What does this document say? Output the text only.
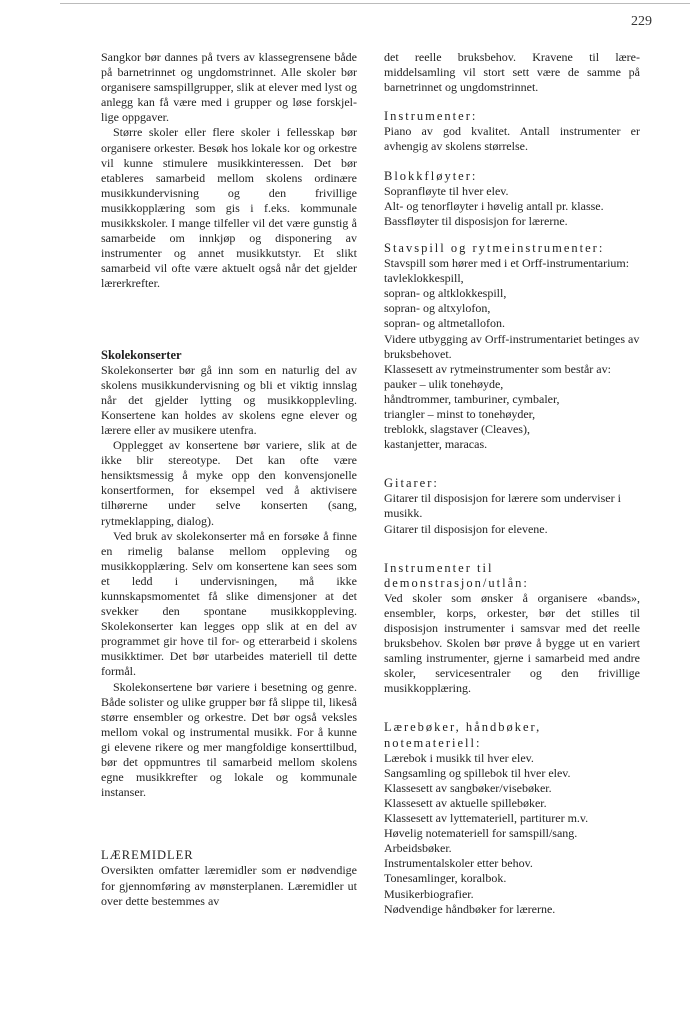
229

Sangkor bør dannes på tvers av klassegrensene både på barnetrinnet og ungdomstrinnet. Alle skoler bør organisere samspillgrupper, slik at elever med lyst og anlegg kan få være med i grupper og løse forskjellige oppgaver.

Større skoler eller flere skoler i fellesskap bør organisere orkester. Besøk hos lokale kor og orkestre vil kunne stimulere musikkinteressen. Det bør etableres samarbeid mellom skolens ordinære musikkundervisning og den frivillige musikkopplæring som gis i f.eks. kommunale musikkskoler. I mange tilfeller vil det være gunstig å samarbeide om innkjøp og disponering av instrumenter og annet musikkutstyr. Et slikt samarbeid vil ofte være aktuelt også når det gjelder lærerkrefter.

Skolekonserter

Skolekonserter bør gå inn som en naturlig del av skolens musikkundervisning og bli et viktig innslag når det gjelder lytting og musikkopplevling. Konsertene kan holdes av skolens egne elever og lærere eller av musikere utenfra.

Opplegget av konsertene bør variere, slik at de ikke blir stereotype. Det kan ofte være hensiktsmessig å myke opp den konvensjonelle konsertformen, for eksempel ved å aktivisere tilhørerne under selve konserten (sang, rytmeklapping, dialog).

Ved bruk av skolekonserter må en forsøke å finne en rimelig balanse mellom oppleving og musikkopplæring. Selv om konsertene kan sees som et ledd i undervisningen, må ikke kunnskapsmomentet få slike dimensjoner at det svekker den spontane musikkoppleving. Skolekonserter kan legges opp slik at en del av programmet gir hove til for- og etterarbeid i skolens musikktimer. Det bør utarbeides materiell til dette formål.

Skolekonsertene bør variere i besetning og genre. Både solister og ulike grupper bør få slippe til, likeså større ensembler og orkestre. Det bør også veksles mellom vokal og instrumental musikk. For å kunne gi elevene rikere og mer mangfoldige konserttilbud, bør det oppmuntres til samarbeid mellom skolens egne musikkrefter og lokale og kommunale instanser.

LÆREMIDLER

Oversikten omfatter læremidler som er nødvendige for gjennomføring av mønsterplanen. Læremidler ut over dette bestemmes av

det reelle bruksbehov. Kravene til læremiddelsamling vil stort sett være de samme på barnetrinnet og ungdomstrinnet.

Instrumenter:

Piano av god kvalitet. Antall instrumenter er avhengig av skolens størrelse.

Blokkfløyter:

Sopranfløyte til hver elev.
Alt- og tenorfløyter i høvelig antall pr. klasse.
Bassfløyter til disposisjon for lærerne.

Stavspill og rytmeinstrumenter:

Stavspill som hører med i et Orff-instrumentarium:
tavleklokkespill,
sopran- og altklokkespill,
sopran- og altxylofon,
sopran- og altmetallofon.
Videre utbygging av Orff-instrumentariet betinges av bruksbehovet.
Klassesett av rytmeinstrumenter som består av:
pauker – ulik tonehøyde,
håndtrommer, tamburiner, cymbaler,
triangler – minst to tonehøyder,
treblokk, slagstaver (Cleaves),
kastanjetter, maracas.

Gitarer:

Gitarer til disposisjon for lærere som underviser i musikk.
Gitarer til disposisjon for elevene.

Instrumenter til demonstrasjon/utlån:

Ved skoler som ønsker å organisere «bands», ensembler, korps, orkester, bør det stilles til disposisjon instrumenter i samsvar med det reelle bruksbehov. Skolen bør prøve å bygge ut en variert samling instrumenter, gjerne i samarbeid med andre skoler, servicesentraler og den frivillige musikkopplæring.

Lærebøker, håndbøker, notemateriell:

Lærebok i musikk til hver elev.
Sangsamling og spillebok til hver elev.
Klassesett av sangbøker/visebøker.
Klassesett av aktuelle spillebøker.
Klassesett av lyttemateriell, partiturer m.v.
Høvelig notemateriell for samspill/sang.
Arbeidsbøker.
Instrumentalskoler etter behov.
Tonesamlinger, koralbok.
Musikerbiografier.
Nødvendige håndbøker for lærerne.
